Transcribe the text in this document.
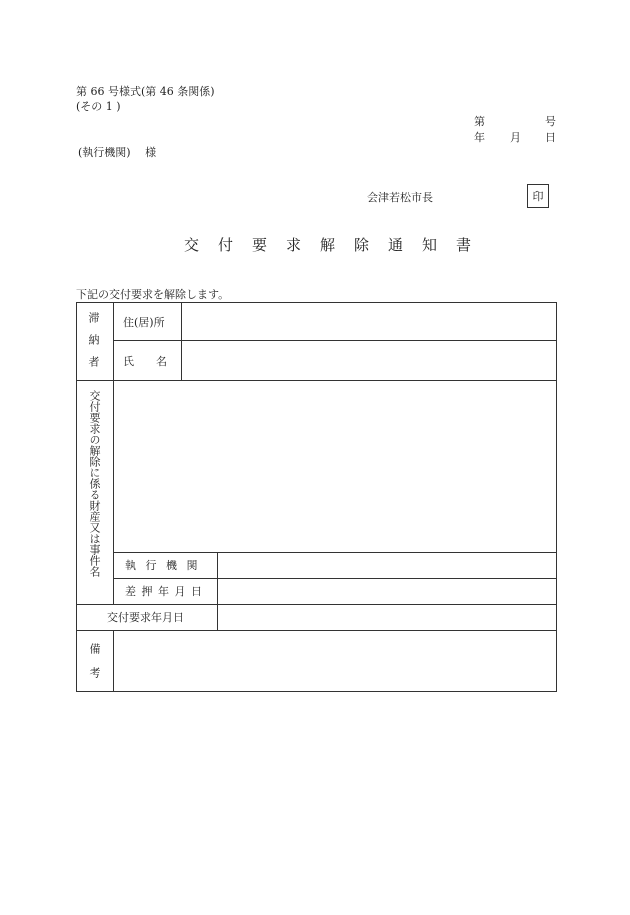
第 66 号様式(第 46 条関係)
(その 1 )
第	号
年 月 日
(執行機関)　 様
会津若松市長	印
交付要求解除通知書
下記の交付要求を解除します。
滞納者 住(居)所
氏　　名
交付要求の解除に係る財産又は事件名 執 行 機 関
差 押 年 月 日
交付要求年月日
備考
